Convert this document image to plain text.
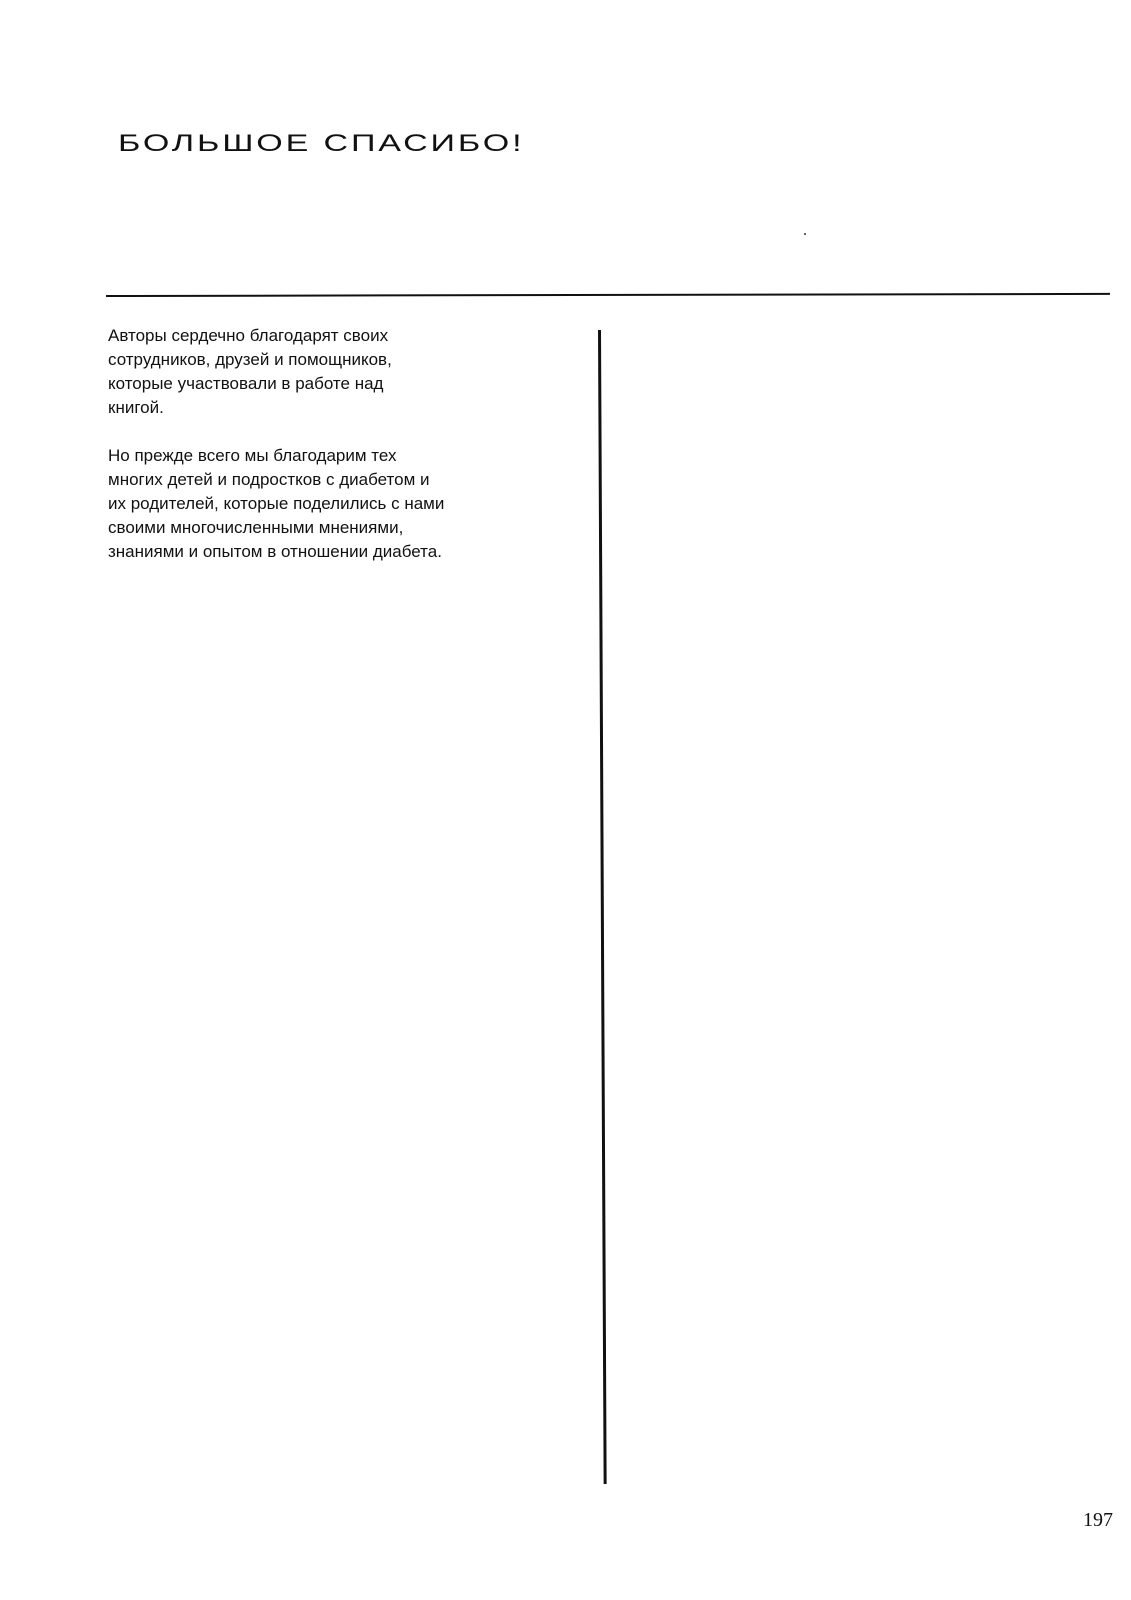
БОЛЬШОЕ СПАСИБО!

Авторы сердечно благодарят своих
сотрудников, друзей и помощников,
которые участвовали в работе над
книгой.

Но прежде всего мы благодарим тех
многих детей и подростков с диабетом и
их родителей, которые поделились с нами
своими многочисленными мнениями,
знаниями и опытом в отношении диабета.

197
